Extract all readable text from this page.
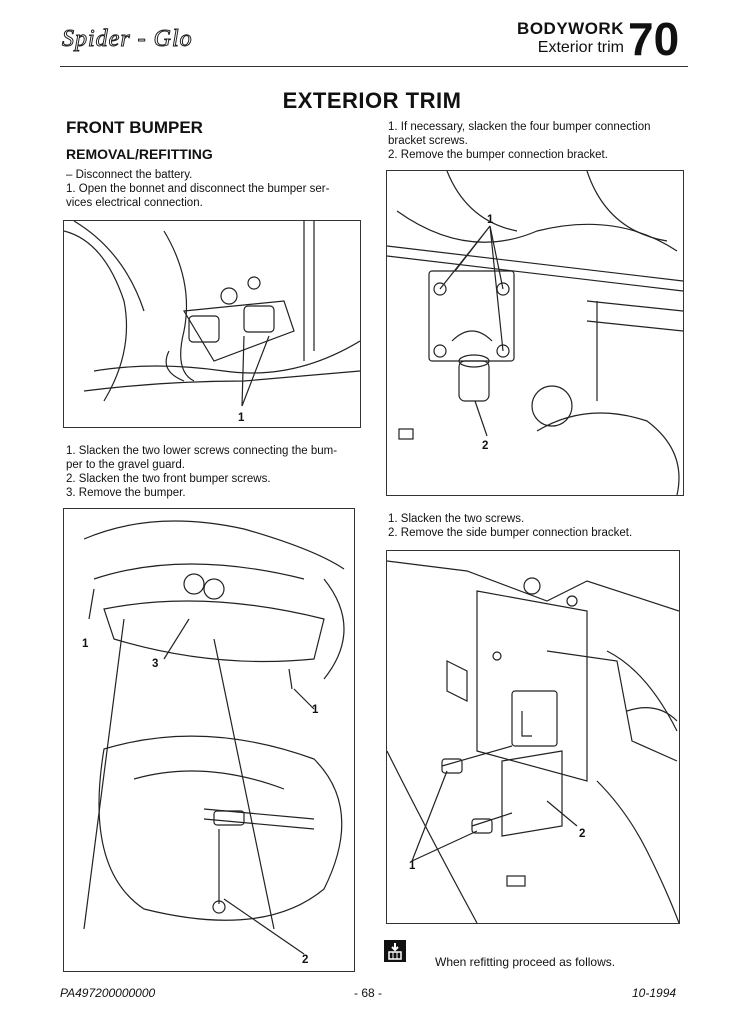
Spider - Glo	BODYWORK
Exterior trim 70
EXTERIOR TRIM
FRONT BUMPER
REMOVAL/REFITTING
– Disconnect the battery.
1. Open the bonnet and disconnect the bumper ser-
vices electrical connection.
1
1. Slacken the two lower screws connecting the bum-
per to the gravel guard.
2. Slacken the two front bumper screws.
3. Remove the bumper.
1
3
1
2
1. If necessary, slacken the four bumper connection
bracket screws.
2. Remove the bumper connection bracket.
1
2
1. Slacken the two screws.
2. Remove the side bumper connection bracket.
1
2
When refitting proceed as follows.
PA497200000000	- 68 -	10-1994
